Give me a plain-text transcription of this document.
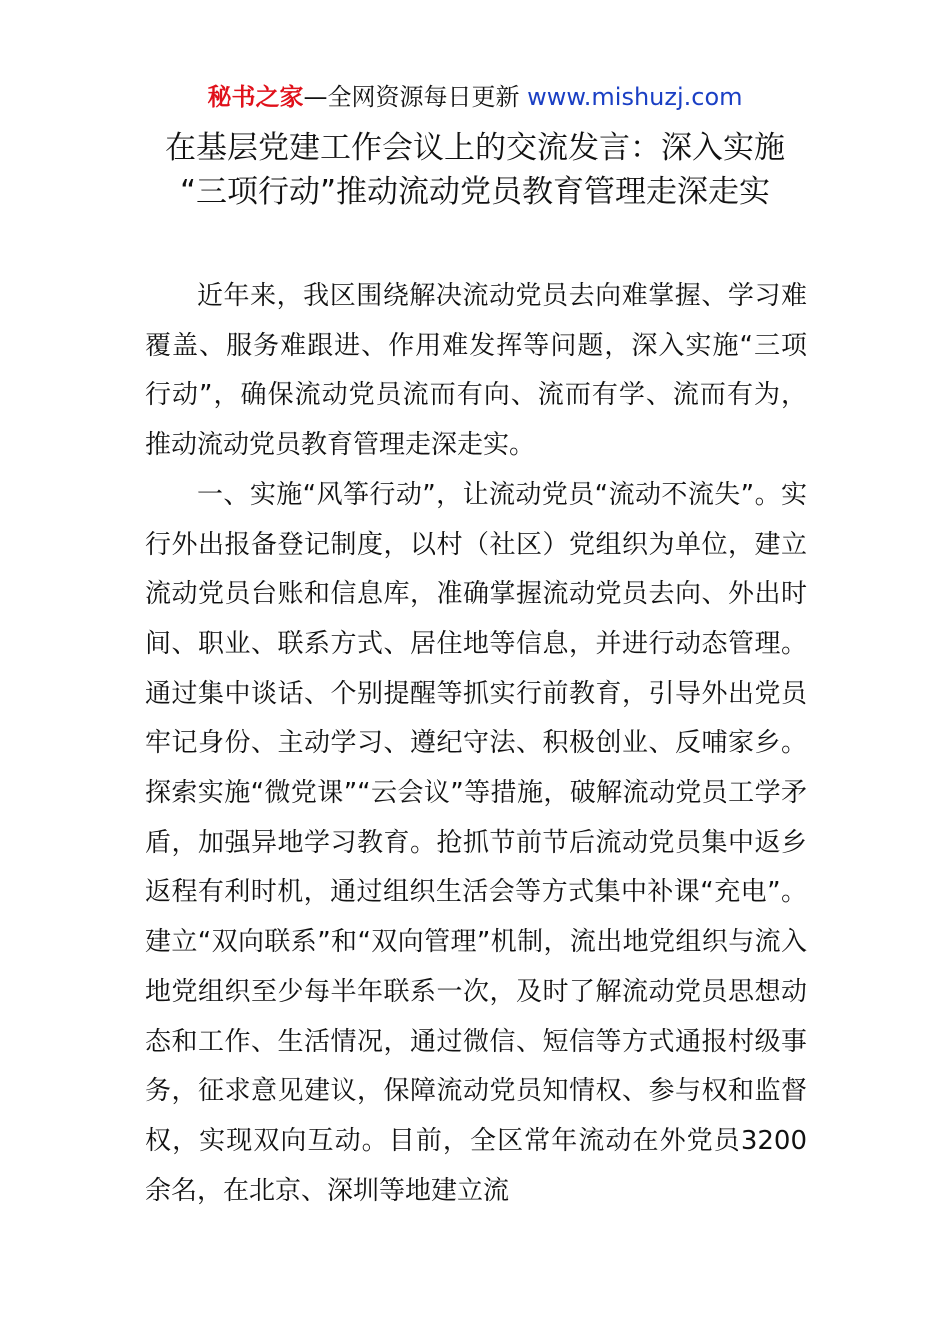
秘书之家—全网资源每日更新 www.mishuzj.com
在基层党建工作会议上的交流发言：深入实施
“三项行动”推动流动党员教育管理走深走实

近年来，我区围绕解决流动党员去向难掌握、学习难覆盖、服务难跟进、作用难发挥等问题，深入实施“三项行动”，确保流动党员流而有向、流而有学、流而有为，推动流动党员教育管理走深走实。

一、实施“风筝行动”，让流动党员“流动不流失”。实行外出报备登记制度，以村（社区）党组织为单位，建立流动党员台账和信息库，准确掌握流动党员去向、外出时间、职业、联系方式、居住地等信息，并进行动态管理。通过集中谈话、个别提醒等抓实行前教育，引导外出党员牢记身份、主动学习、遵纪守法、积极创业、反哺家乡。探索实施“微党课”“云会议”等措施，破解流动党员工学矛盾，加强异地学习教育。抢抓节前节后流动党员集中返乡返程有利时机，通过组织生活会等方式集中补课“充电”。建立“双向联系”和“双向管理”机制，流出地党组织与流入地党组织至少每半年联系一次，及时了解流动党员思想动态和工作、生活情况，通过微信、短信等方式通报村级事务，征求意见建议，保障流动党员知情权、参与权和监督权，实现双向互动。目前，全区常年流动在外党员3200余名，在北京、深圳等地建立流
